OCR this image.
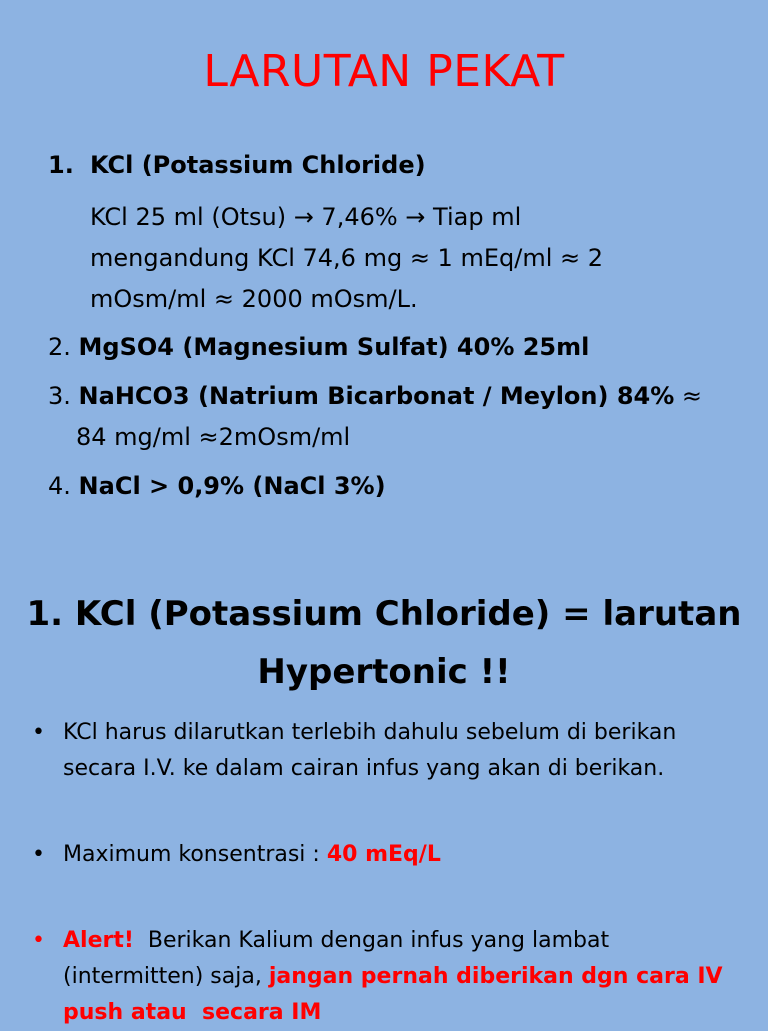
LARUTAN PEKAT
1. KCl (Potassium Chloride)
KCl 25 ml (Otsu) → 7,46% → Tiap ml
mengandung KCl 74,6 mg ≈ 1 mEq/ml ≈ 2
mOsm/ml ≈ 2000 mOsm/L.
2. MgSO4 (Magnesium Sulfat) 40% 25ml
3. NaHCO3 (Natrium Bicarbonat / Meylon) 84% ≈
84 mg/ml ≈2mOsm/ml
4. NaCl > 0,9% (NaCl 3%)
1. KCl (Potassium Chloride) = larutan
Hypertonic !!
• KCl harus dilarutkan terlebih dahulu sebelum di berikan
secara I.V. ke dalam cairan infus yang akan di berikan.
• Maximum konsentrasi : 40 mEq/L
• Alert!  Berikan Kalium dengan infus yang lambat
(intermitten) saja, jangan pernah diberikan dgn cara IV
push atau  secara IM
